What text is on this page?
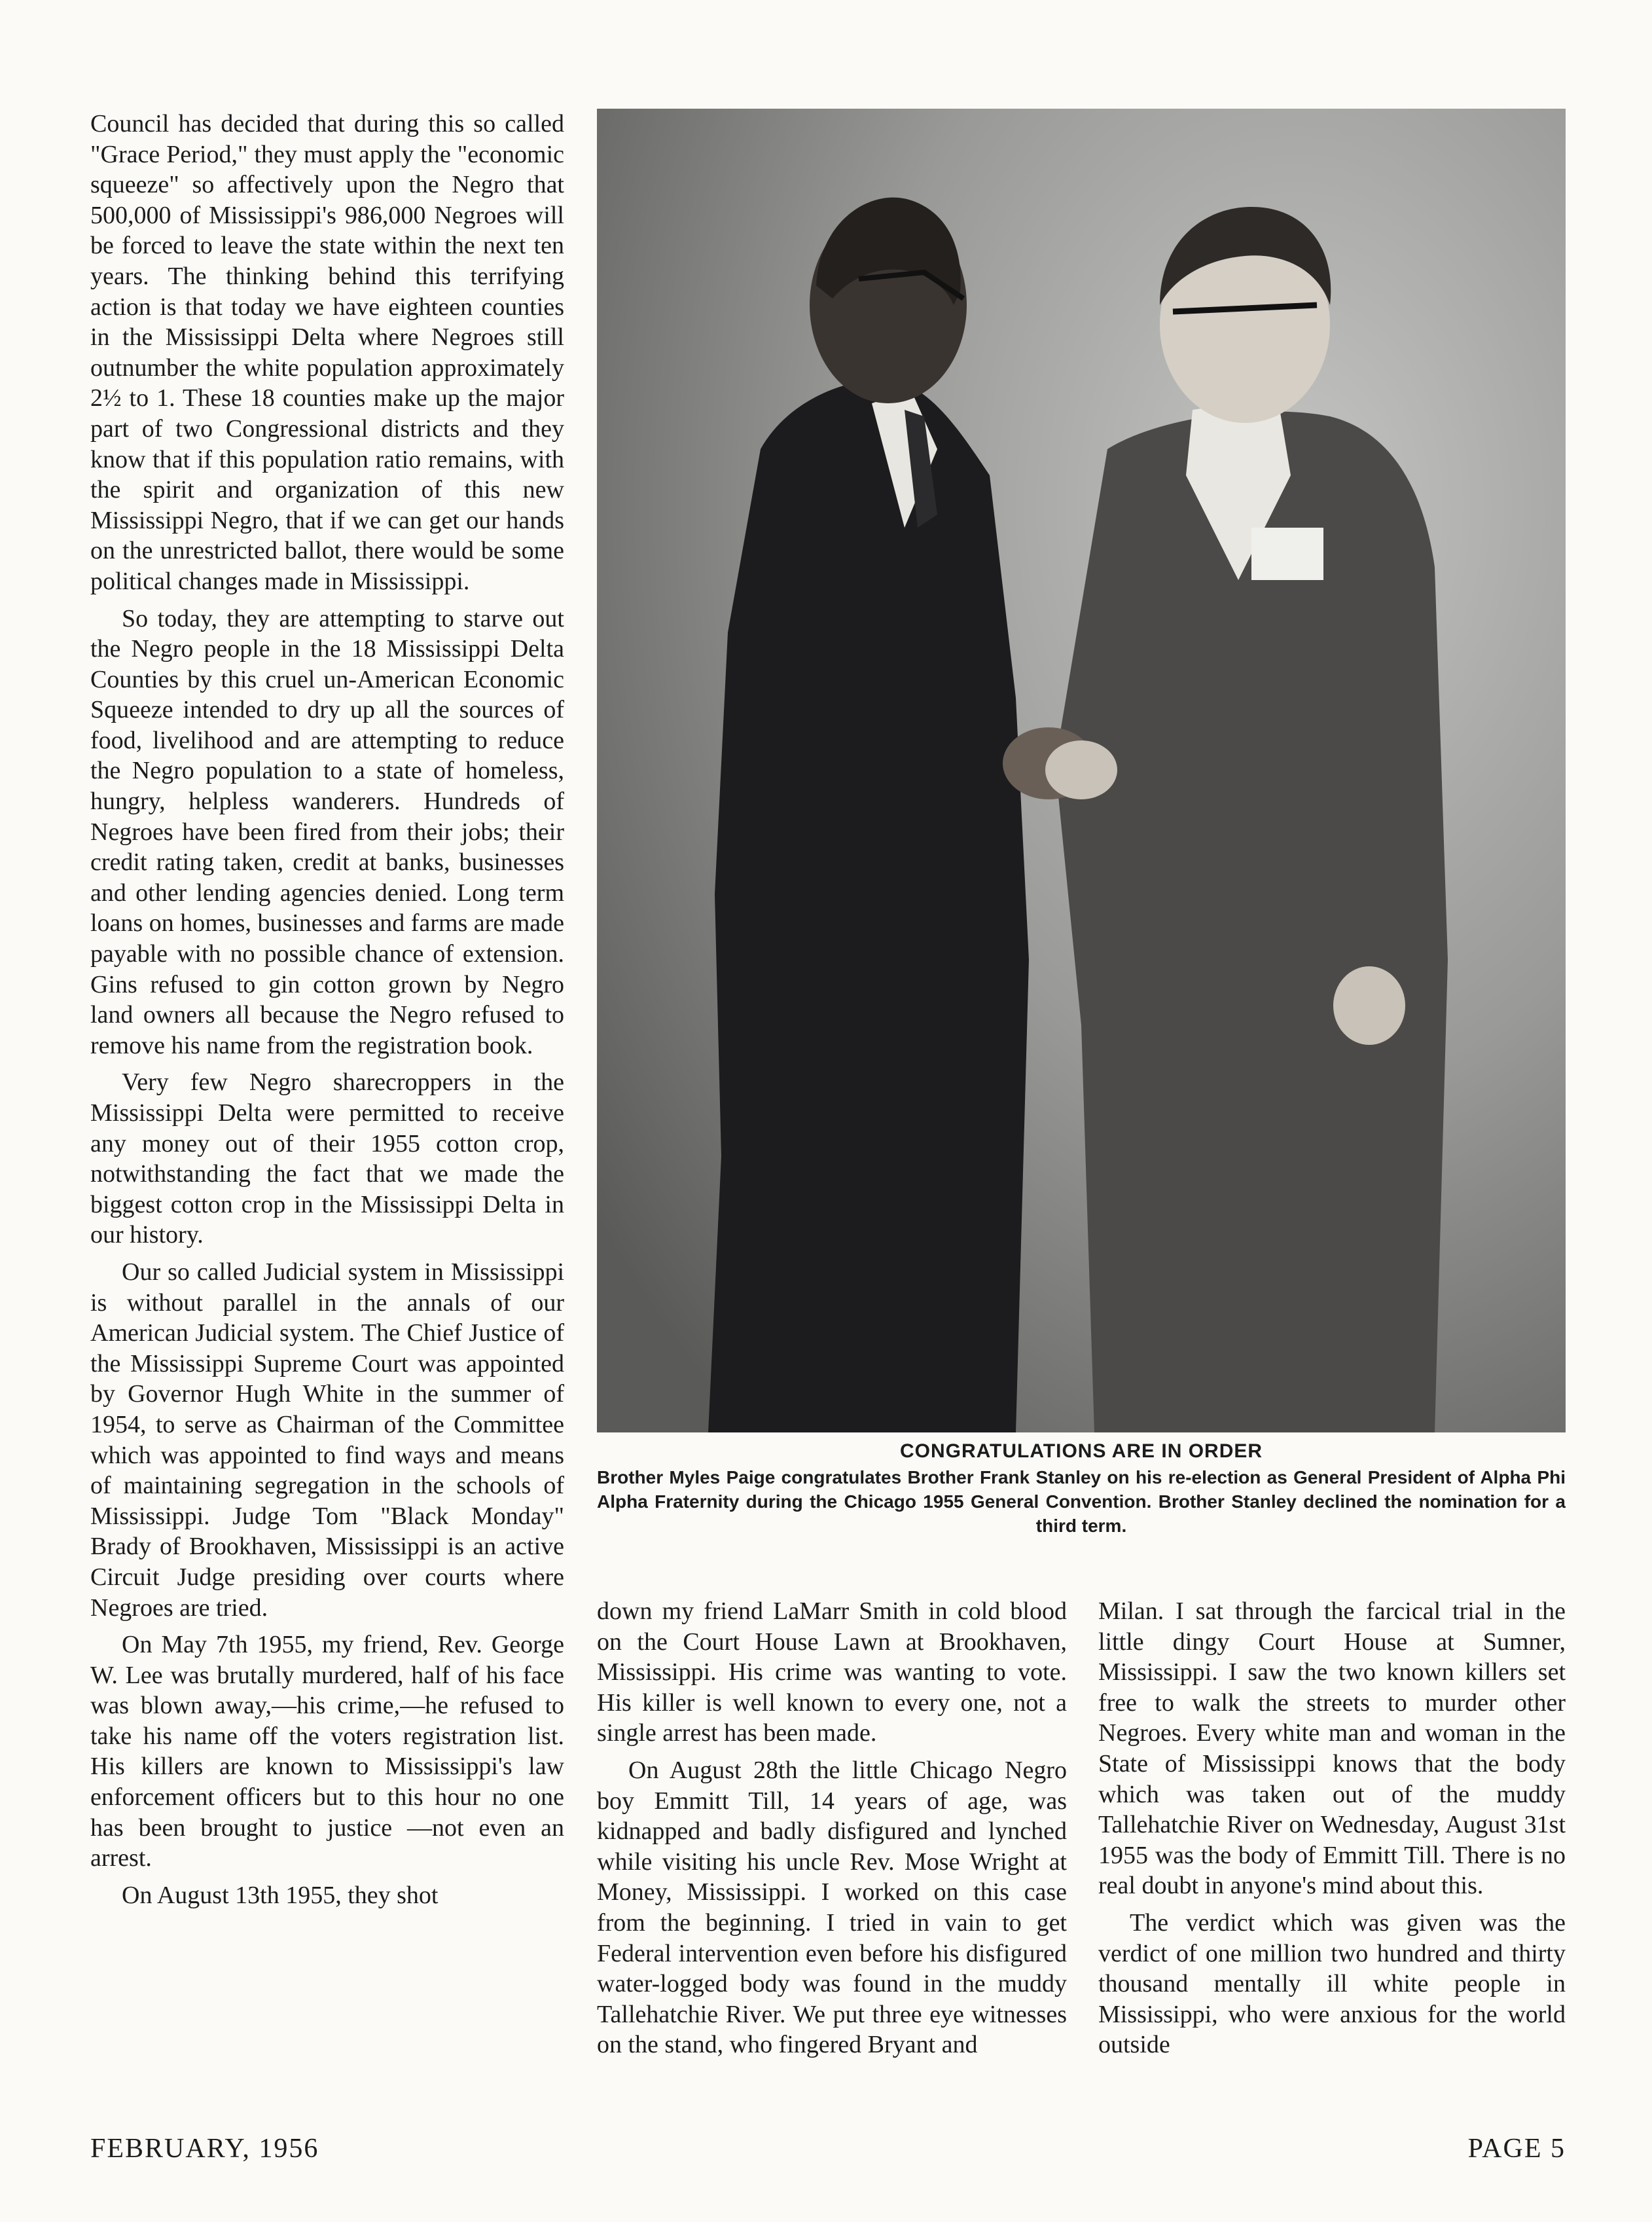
Council has decided that during this so called "Grace Period," they must apply the "economic squeeze" so affectively upon the Negro that 500,000 of Mississippi's 986,000 Negroes will be forced to leave the state within the next ten years. The thinking behind this terrifying action is that today we have eighteen counties in the Mississippi Delta where Negroes still outnumber the white population approximately 2½ to 1. These 18 counties make up the major part of two Congressional districts and they know that if this population ratio remains, with the spirit and organization of this new Mississippi Negro, that if we can get our hands on the unrestricted ballot, there would be some political changes made in Mississippi.

So today, they are attempting to starve out the Negro people in the 18 Mississippi Delta Counties by this cruel un-American Economic Squeeze intended to dry up all the sources of food, livelihood and are attempting to reduce the Negro population to a state of homeless, hungry, helpless wanderers. Hundreds of Negroes have been fired from their jobs; their credit rating taken, credit at banks, businesses and other lending agencies denied. Long term loans on homes, businesses and farms are made payable with no possible chance of extension. Gins refused to gin cotton grown by Negro land owners all because the Negro refused to remove his name from the registration book.

Very few Negro sharecroppers in the Mississippi Delta were permitted to receive any money out of their 1955 cotton crop, notwithstanding the fact that we made the biggest cotton crop in the Mississippi Delta in our history.

Our so called Judicial system in Mississippi is without parallel in the annals of our American Judicial system. The Chief Justice of the Mississippi Supreme Court was appointed by Governor Hugh White in the summer of 1954, to serve as Chairman of the Committee which was appointed to find ways and means of maintaining segregation in the schools of Mississippi. Judge Tom "Black Monday" Brady of Brookhaven, Mississippi is an active Circuit Judge presiding over courts where Negroes are tried.

On May 7th 1955, my friend, Rev. George W. Lee was brutally murdered, half of his face was blown away,—his crime,—he refused to take his name off the voters registration list. His killers are known to Mississippi's law enforcement officers but to this hour no one has been brought to justice —not even an arrest.

On August 13th 1955, they shot

CONGRATULATIONS ARE IN ORDER
Brother Myles Paige congratulates Brother Frank Stanley on his re-election as General President of Alpha Phi Alpha Fraternity during the Chicago 1955 General Convention. Brother Stanley declined the nomination for a third term.

down my friend LaMarr Smith in cold blood on the Court House Lawn at Brookhaven, Mississippi. His crime was wanting to vote. His killer is well known to every one, not a single arrest has been made.

On August 28th the little Chicago Negro boy Emmitt Till, 14 years of age, was kidnapped and badly disfigured and lynched while visiting his uncle Rev. Mose Wright at Money, Mississippi. I worked on this case from the beginning. I tried in vain to get Federal intervention even before his disfigured water-logged body was found in the muddy Tallehatchie River. We put three eye witnesses on the stand, who fingered Bryant and

Milan. I sat through the farcical trial in the little dingy Court House at Sumner, Mississippi. I saw the two known killers set free to walk the streets to murder other Negroes. Every white man and woman in the State of Mississippi knows that the body which was taken out of the muddy Tallehatchie River on Wednesday, August 31st 1955 was the body of Emmitt Till. There is no real doubt in anyone's mind about this.

The verdict which was given was the verdict of one million two hundred and thirty thousand mentally ill white people in Mississippi, who were anxious for the world outside

FEBRUARY, 1956	PAGE 5
